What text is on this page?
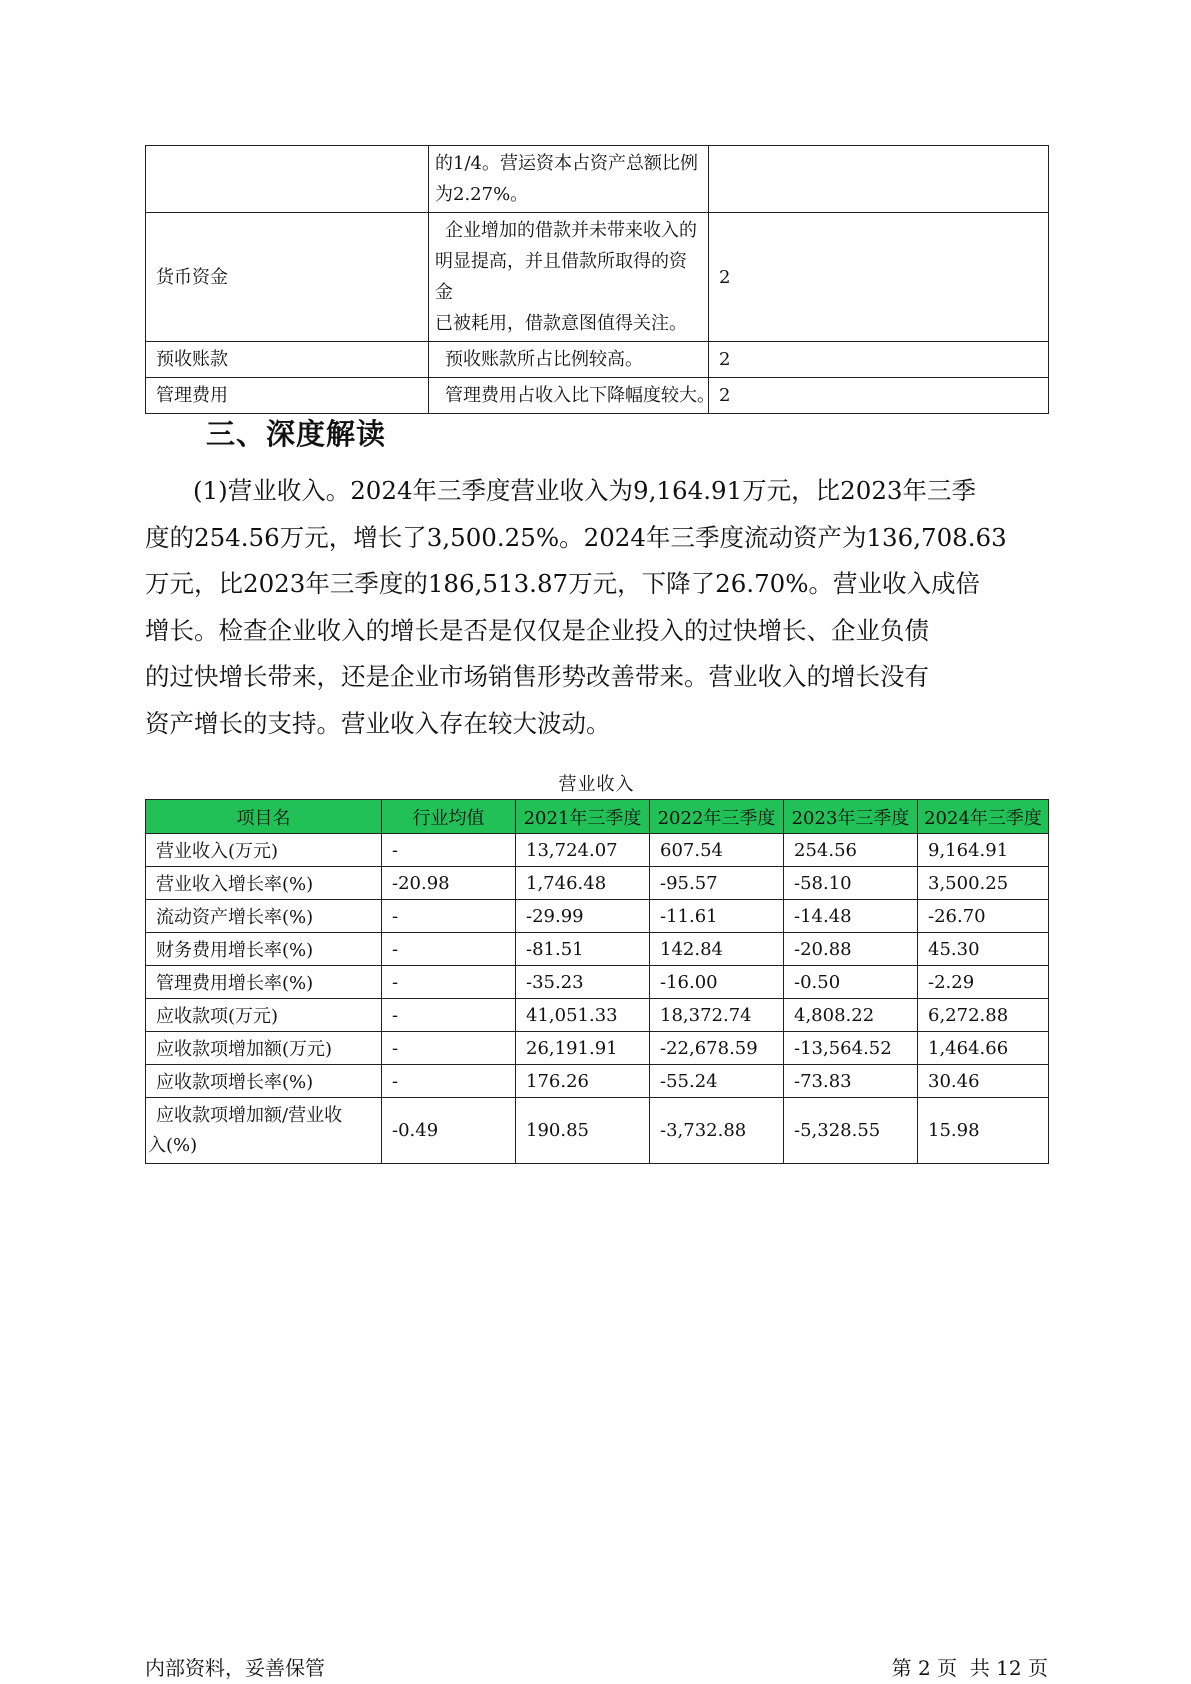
	的1/4。营运资本占资产总额比例
为2.27%。	

货币资金	企业增加的借款并未带来收入的
明显提高，并且借款所取得的资金
已被耗用，借款意图值得关注。	2
预收账款	预收账款所占比例较高。	2
管理费用	管理费用占收入比下降幅度较大。	2
三、深度解读
(1)营业收入。2024年三季度营业收入为9,164.91万元，比2023年三季
度的254.56万元，增长了3,500.25%。2024年三季度流动资产为136,708.63
万元，比2023年三季度的186,513.87万元，下降了26.70%。营业收入成倍
增长。检查企业收入的增长是否是仅仅是企业投入的过快增长、企业负债
的过快增长带来，还是企业市场销售形势改善带来。营业收入的增长没有
资产增长的支持。营业收入存在较大波动。
营业收入
项目名	行业均值	2021年三季度	2022年三季度	2023年三季度	2024年三季度
营业收入(万元)	-	13,724.07	607.54	254.56	9,164.91
营业收入增长率(%)	-20.98	1,746.48	-95.57	-58.10	3,500.25
流动资产增长率(%)	-	-29.99	-11.61	-14.48	-26.70
财务费用增长率(%)	-	-81.51	142.84	-20.88	45.30
管理费用增长率(%)	-	-35.23	-16.00	-0.50	-2.29
应收款项(万元)	-	41,051.33	18,372.74	4,808.22	6,272.88
应收款项增加额(万元)	-	26,191.91	-22,678.59	-13,564.52	1,464.66
应收款项增长率(%)	-	176.26	-55.24	-73.83	30.46

应收款项增加额/营业收
入(%)	-0.49	190.85	-3,732.88	-5,328.55	15.98
内部资料，妥善保管	第 2 页  共 12 页
